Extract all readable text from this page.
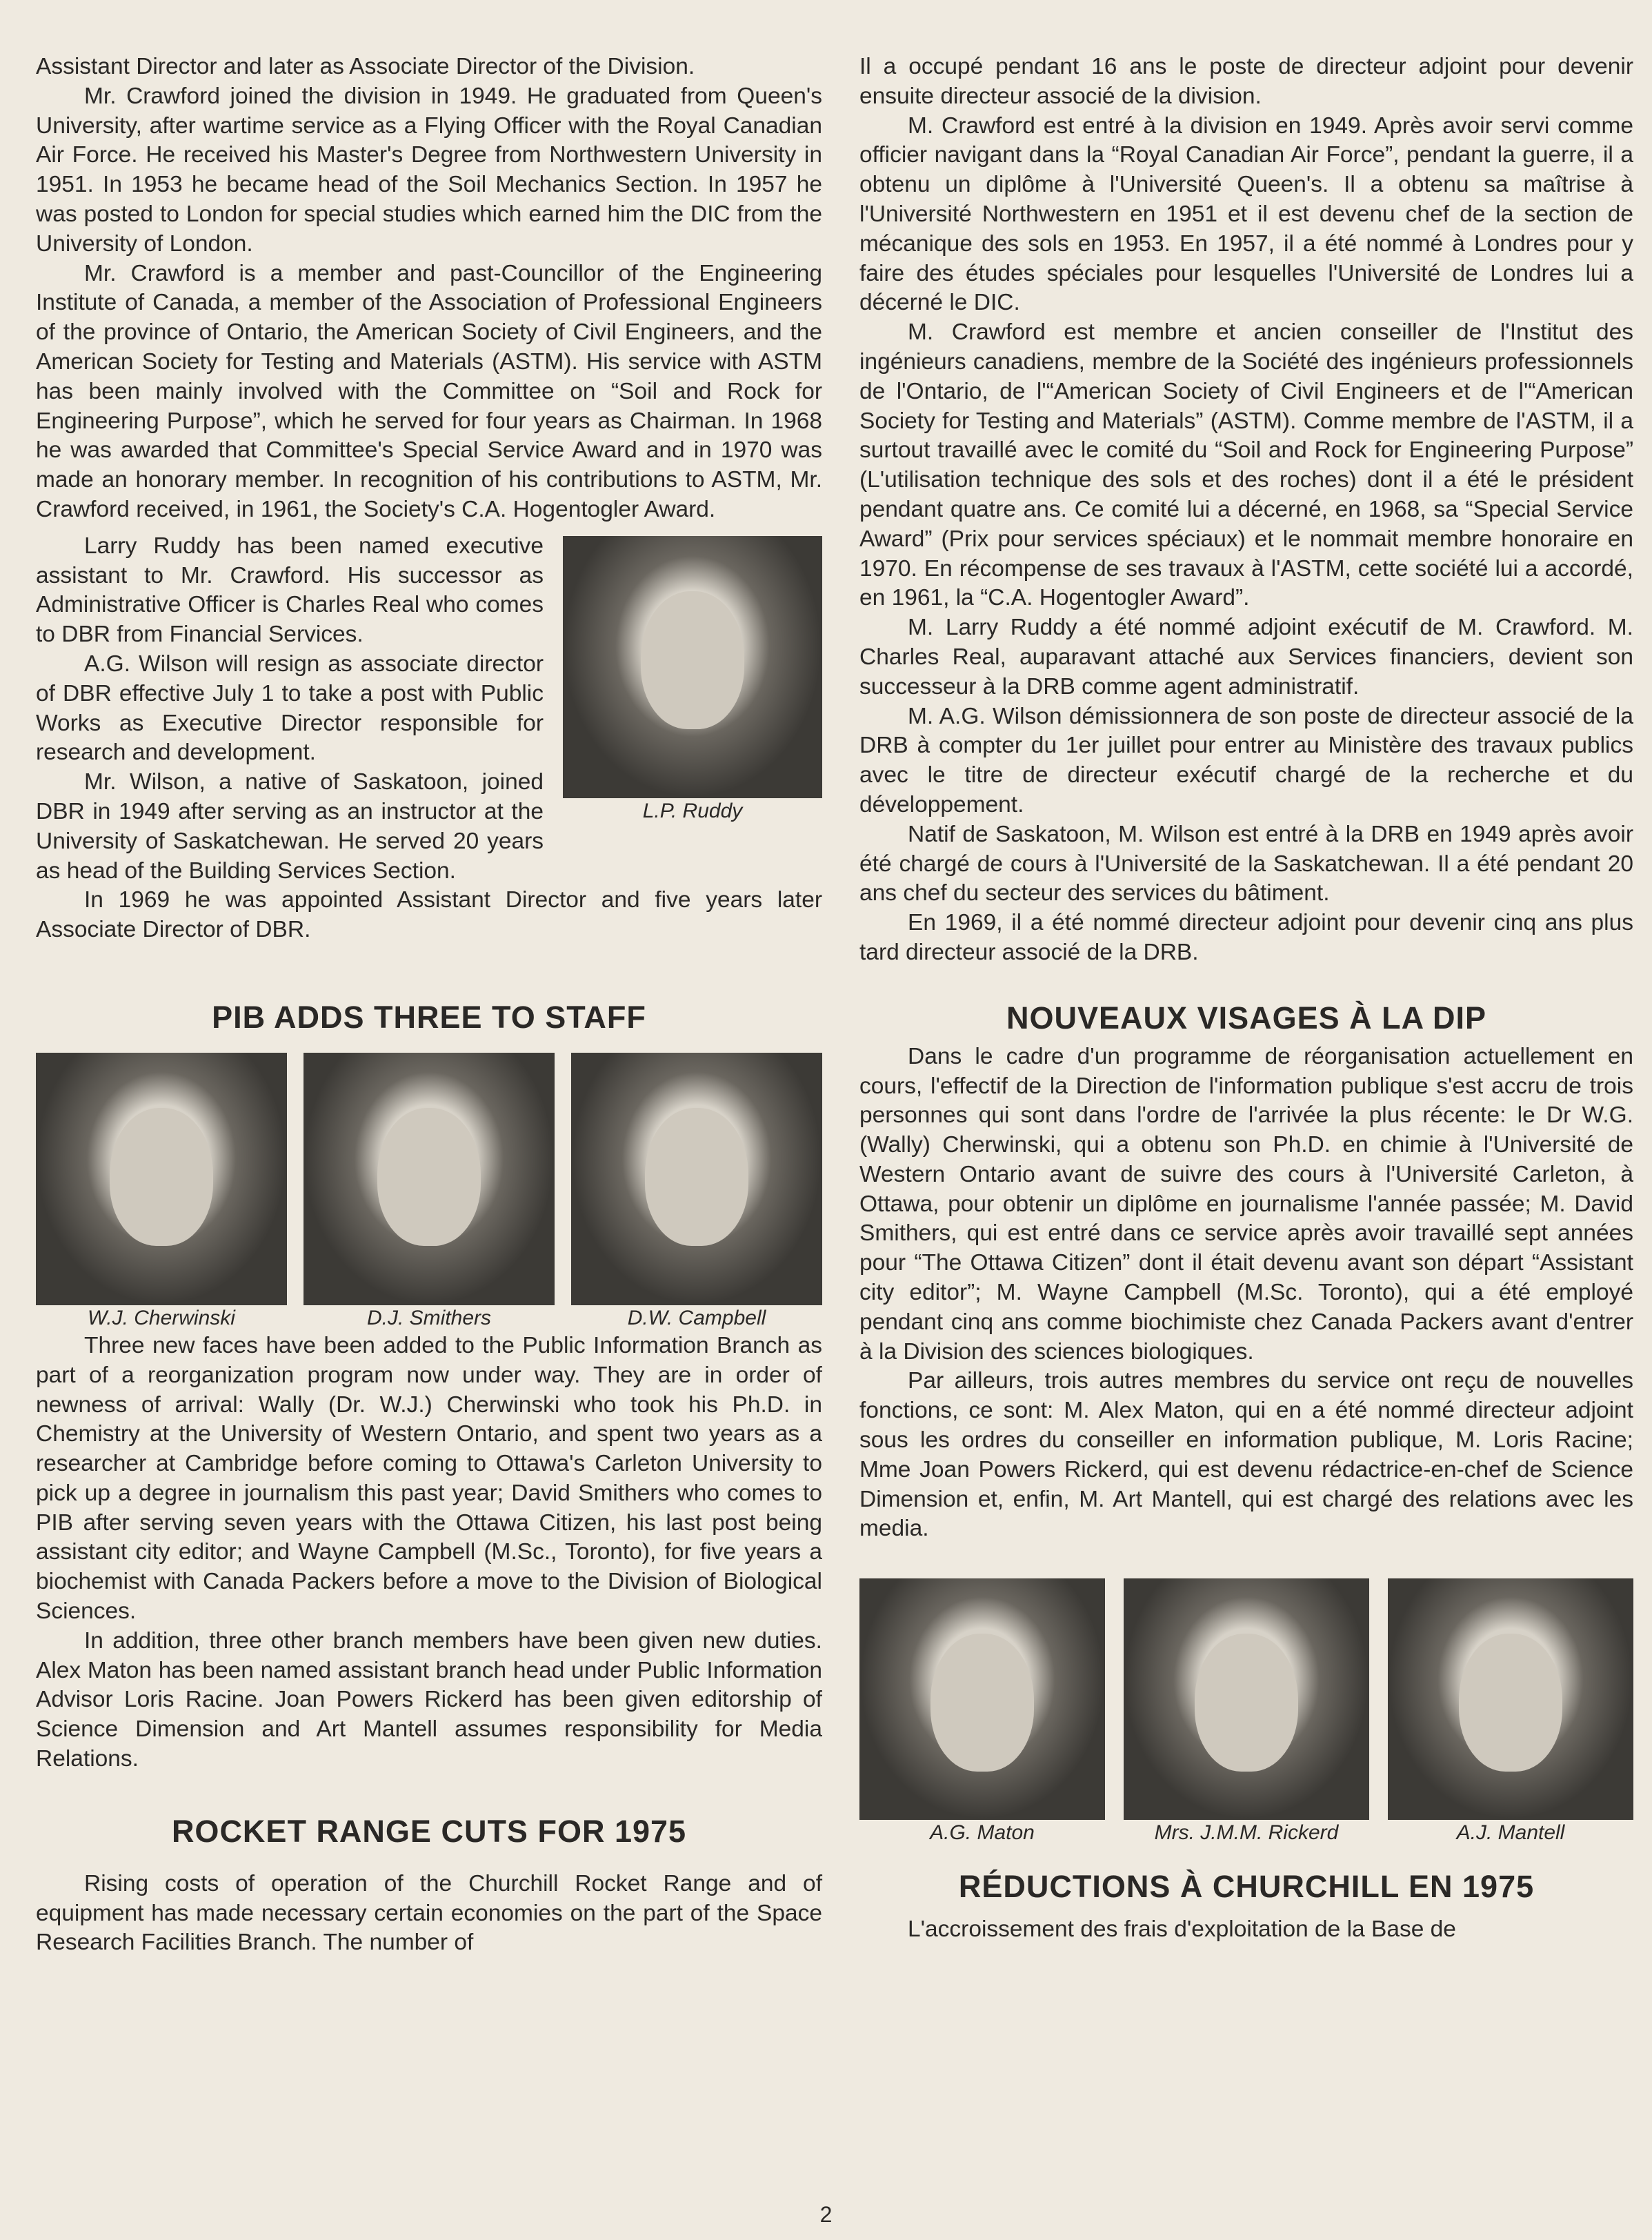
Assistant Director and later as Associate Director of the Division.

Mr. Crawford joined the division in 1949. He graduated from Queen's University, after wartime service as a Flying Officer with the Royal Canadian Air Force. He received his Master's Degree from Northwestern University in 1951. In 1953 he became head of the Soil Mechanics Section. In 1957 he was posted to London for special studies which earned him the DIC from the University of London.

Mr. Crawford is a member and past-Councillor of the Engineering Institute of Canada, a member of the Association of Professional Engineers of the province of Ontario, the American Society of Civil Engineers, and the American Society for Testing and Materials (ASTM). His service with ASTM has been mainly involved with the Committee on “Soil and Rock for Engineering Purpose”, which he served for four years as Chairman. In 1968 he was awarded that Committee's Special Service Award and in 1970 was made an honorary member. In recognition of his contributions to ASTM, Mr. Crawford received, in 1961, the Society's C.A. Hogentogler Award.

L.P. Ruddy

Larry Ruddy has been named executive assistant to Mr. Crawford. His successor as Administrative Officer is Charles Real who comes to DBR from Financial Services.

A.G. Wilson will resign as associate director of DBR effective July 1 to take a post with Public Works as Executive Director responsible for research and development.

Mr. Wilson, a native of Saskatoon, joined DBR in 1949 after serving as an instructor at the University of Saskatchewan. He served 20 years as head of the Building Services Section.

In 1969 he was appointed Assistant Director and five years later Associate Director of DBR.

PIB ADDS THREE TO STAFF
W.J. Cherwinski	D.J. Smithers	D.W. Campbell

Three new faces have been added to the Public Information Branch as part of a reorganization program now under way. They are in order of newness of arrival: Wally (Dr. W.J.) Cherwinski who took his Ph.D. in Chemistry at the University of Western Ontario, and spent two years as a researcher at Cambridge before coming to Ottawa's Carleton University to pick up a degree in journalism this past year; David Smithers who comes to PIB after serving seven years with the Ottawa Citizen, his last post being assistant city editor; and Wayne Campbell (M.Sc., Toronto), for five years a biochemist with Canada Packers before a move to the Division of Biological Sciences.

In addition, three other branch members have been given new duties. Alex Maton has been named assistant branch head under Public Information Advisor Loris Racine. Joan Powers Rickerd has been given editorship of Science Dimension and Art Mantell assumes responsibility for Media Relations.

ROCKET RANGE CUTS FOR 1975

Rising costs of operation of the Churchill Rocket Range and of equipment has made necessary certain economies on the part of the Space Research Facilities Branch. The number of

Il a occupé pendant 16 ans le poste de directeur adjoint pour devenir ensuite directeur associé de la division.

M. Crawford est entré à la division en 1949. Après avoir servi comme officier navigant dans la “Royal Canadian Air Force”, pendant la guerre, il a obtenu un diplôme à l'Université Queen's. Il a obtenu sa maîtrise à l'Université Northwestern en 1951 et il est devenu chef de la section de mécanique des sols en 1953. En 1957, il a été nommé à Londres pour y faire des études spéciales pour lesquelles l'Université de Londres lui a décerné le DIC.

M. Crawford est membre et ancien conseiller de l'Institut des ingénieurs canadiens, membre de la Société des ingénieurs professionnels de l'Ontario, de l'“American Society of Civil Engineers et de l'“American Society for Testing and Materials” (ASTM). Comme membre de l'ASTM, il a surtout travaillé avec le comité du “Soil and Rock for Engineering Purpose” (L'utilisation technique des sols et des roches) dont il a été le président pendant quatre ans. Ce comité lui a décerné, en 1968, sa “Special Service Award” (Prix pour services spéciaux) et le nommait membre honoraire en 1970. En récompense de ses travaux à l'ASTM, cette société lui a accordé, en 1961, la “C.A. Hogentogler Award”.

M. Larry Ruddy a été nommé adjoint exécutif de M. Crawford. M. Charles Real, auparavant attaché aux Services financiers, devient son successeur à la DRB comme agent administratif.

M. A.G. Wilson démissionnera de son poste de directeur associé de la DRB à compter du 1er juillet pour entrer au Ministère des travaux publics avec le titre de directeur exécutif chargé de la recherche et du développement.

Natif de Saskatoon, M. Wilson est entré à la DRB en 1949 après avoir été chargé de cours à l'Université de la Saskatchewan. Il a été pendant 20 ans chef du secteur des services du bâtiment.

En 1969, il a été nommé directeur adjoint pour devenir cinq ans plus tard directeur associé de la DRB.

NOUVEAUX VISAGES À LA DIP

Dans le cadre d'un programme de réorganisation actuellement en cours, l'effectif de la Direction de l'information publique s'est accru de trois personnes qui sont dans l'ordre de l'arrivée la plus récente: le Dr W.G. (Wally) Cherwinski, qui a obtenu son Ph.D. en chimie à l'Université de Western Ontario avant de suivre des cours à l'Université Carleton, à Ottawa, pour obtenir un diplôme en journalisme l'année passée; M. David Smithers, qui est entré dans ce service après avoir travaillé sept années pour “The Ottawa Citizen” dont il était devenu avant son départ “Assistant city editor”; M. Wayne Campbell (M.Sc. Toronto), qui a été employé pendant cinq ans comme biochimiste chez Canada Packers avant d'entrer à la Division des sciences biologiques.

Par ailleurs, trois autres membres du service ont reçu de nouvelles fonctions, ce sont: M. Alex Maton, qui en a été nommé directeur adjoint sous les ordres du conseiller en information publique, M. Loris Racine; Mme Joan Powers Rickerd, qui est devenu rédactrice-en-chef de Science Dimension et, enfin, M. Art Mantell, qui est chargé des relations avec les media.

A.G. Maton	Mrs. J.M.M. Rickerd	A.J. Mantell
RÉDUCTIONS À CHURCHILL EN 1975

L'accroissement des frais d'exploitation de la Base de

2
